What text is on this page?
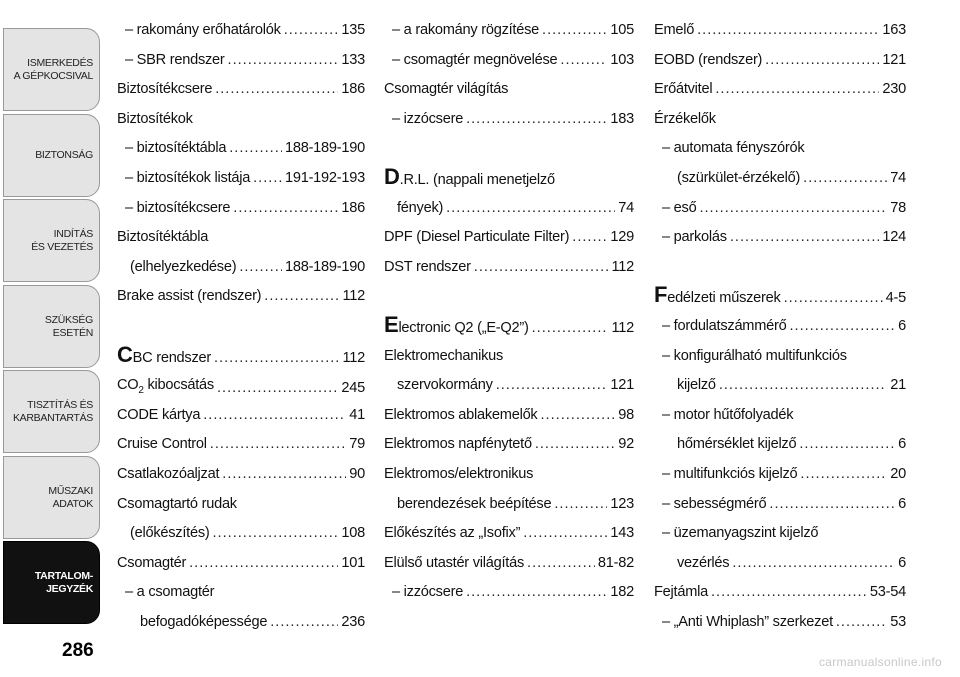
ISMERKEDÉS
A GÉPKOCSIVAL
BIZTONSÁG
INDÍTÁS
ÉS VEZETÉS
SZÜKSÉG
ESETÉN
TISZTÍTÁS ÉS
KARBANTARTÁS
MŰSZAKI
ADATOK
TARTALOM-
JEGYZÉK
286
– rakomány erőhatárolók .....	135
– SBR rendszer .....	133
Biztosítékcsere .....	186
Biztosítékok
– biztosítéktábla .....	188-189-190
– biztosítékok listája ..... 191-192-193
– biztosítékcsere .....	186
Biztosítéktábla
(elhelyezkedése) .....	188-189-190
Brake assist (rendszer) .....	112
CBC rendszer .....	112
$CO_2$ kibocsátás .....	245
CODE kártya .....	41
Cruise Control .....	79
Csatlakozóaljzat .....	90
Csomagtartó rudak
(előkészítés) .....	108
Csomagtér .....	101
– a csomagtér
befogadóképessége .....	236
– a rakomány rögzítése .....	105
– csomagtér megnövelése .....	103
Csomagtér világítás
– izzócsere .....	183
D.R.L. (nappali menetjelző
fények) .....	74
DPF (Diesel Particulate Filter) .....	129
DST rendszer .....	112
Electronic Q2 („E-Q2”) .....	112
Elektromechanikus
szervokormány .....	121
Elektromos ablakemelők .....	98
Elektromos napfénytető .....	92
Elektromos/elektronikus
berendezések beépítése .....	123
Előkészítés az „Isofix” .....	143
Elülső utastér világítás .....	81-82
– izzócsere .....	182
Emelő .....	163
EOBD (rendszer) .....	121
Erőátvitel .....	230
Érzékelők
– automata fényszórók
(szürkület-érzékelő) .....	74
– eső .....	78
– parkolás .....	124
Fedélzeti műszerek .....	4-5
– fordulatszámmérő .....	6
– konfigurálható multifunkciós
kijelző .....	21
– motor hűtőfolyadék
hőmérséklet kijelző .....	6
– multifunkciós kijelző .....	20
– sebességmérő .....	6
– üzemanyagszint kijelző
vezérlés .....	6
Fejtámla .....	53-54
– „Anti Whiplash” szerkezet .....	53
carmanualsonline.info
